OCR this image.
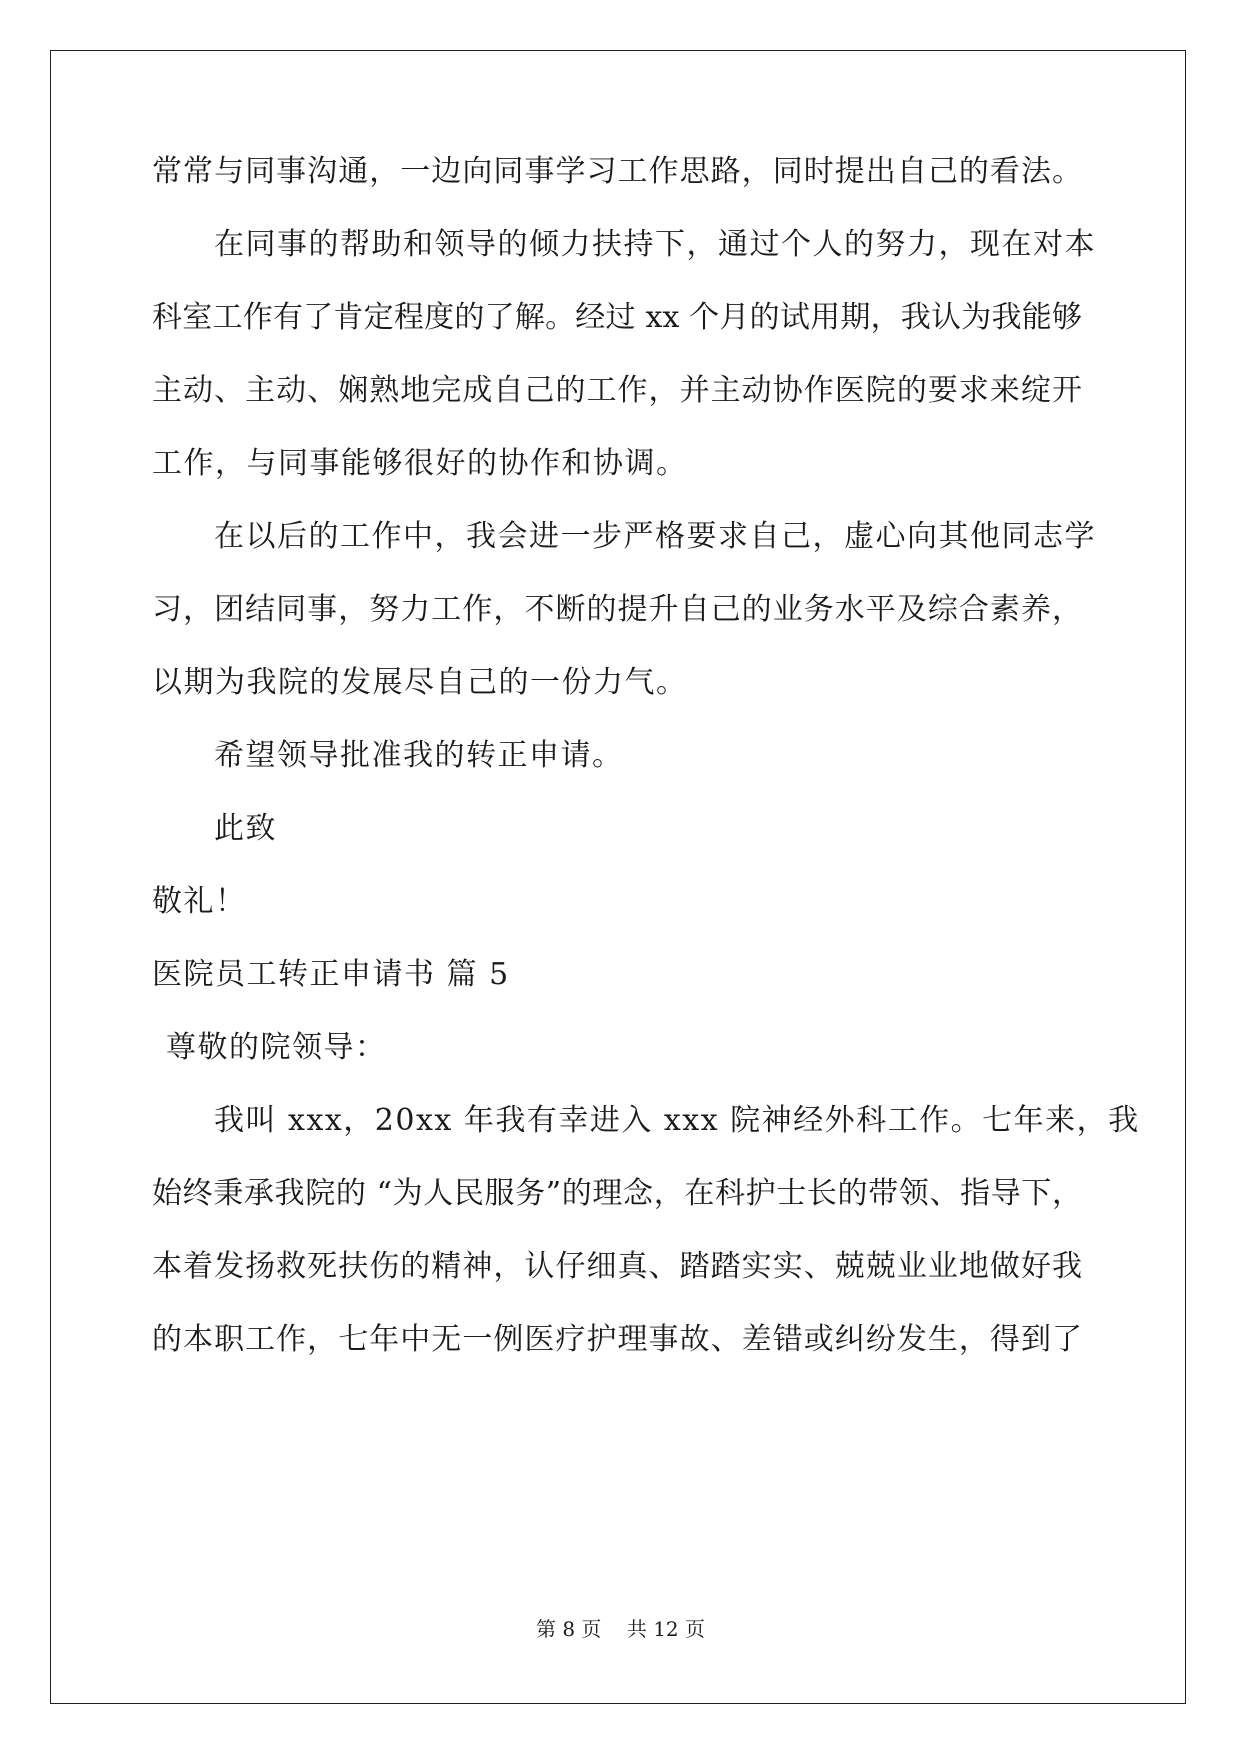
常常与同事沟通，一边向同事学习工作思路，同时提出自己的看法。
在同事的帮助和领导的倾力扶持下，通过个人的努力，现在对本
科室工作有了肯定程度的了解。经过 xx 个月的试用期，我认为我能够
主动、主动、娴熟地完成自己的工作，并主动协作医院的要求来绽开
工作，与同事能够很好的协作和协调。
在以后的工作中，我会进一步严格要求自己，虚心向其他同志学
习，团结同事，努力工作，不断的提升自己的业务水平及综合素养，
以期为我院的发展尽自己的一份力气。
希望领导批准我的转正申请。
此致
敬礼！
医院员工转正申请书 篇 5
尊敬的院领导：
我叫 xxx，20xx 年我有幸进入 xxx 院神经外科工作。七年来，我
始终秉承我院的 “为人民服务”的理念，在科护士长的带领、指导下，
本着发扬救死扶伤的精神，认仔细真、踏踏实实、兢兢业业地做好我
的本职工作，七年中无一例医疗护理事故、差错或纠纷发生，得到了
第 8 页    共 12 页
